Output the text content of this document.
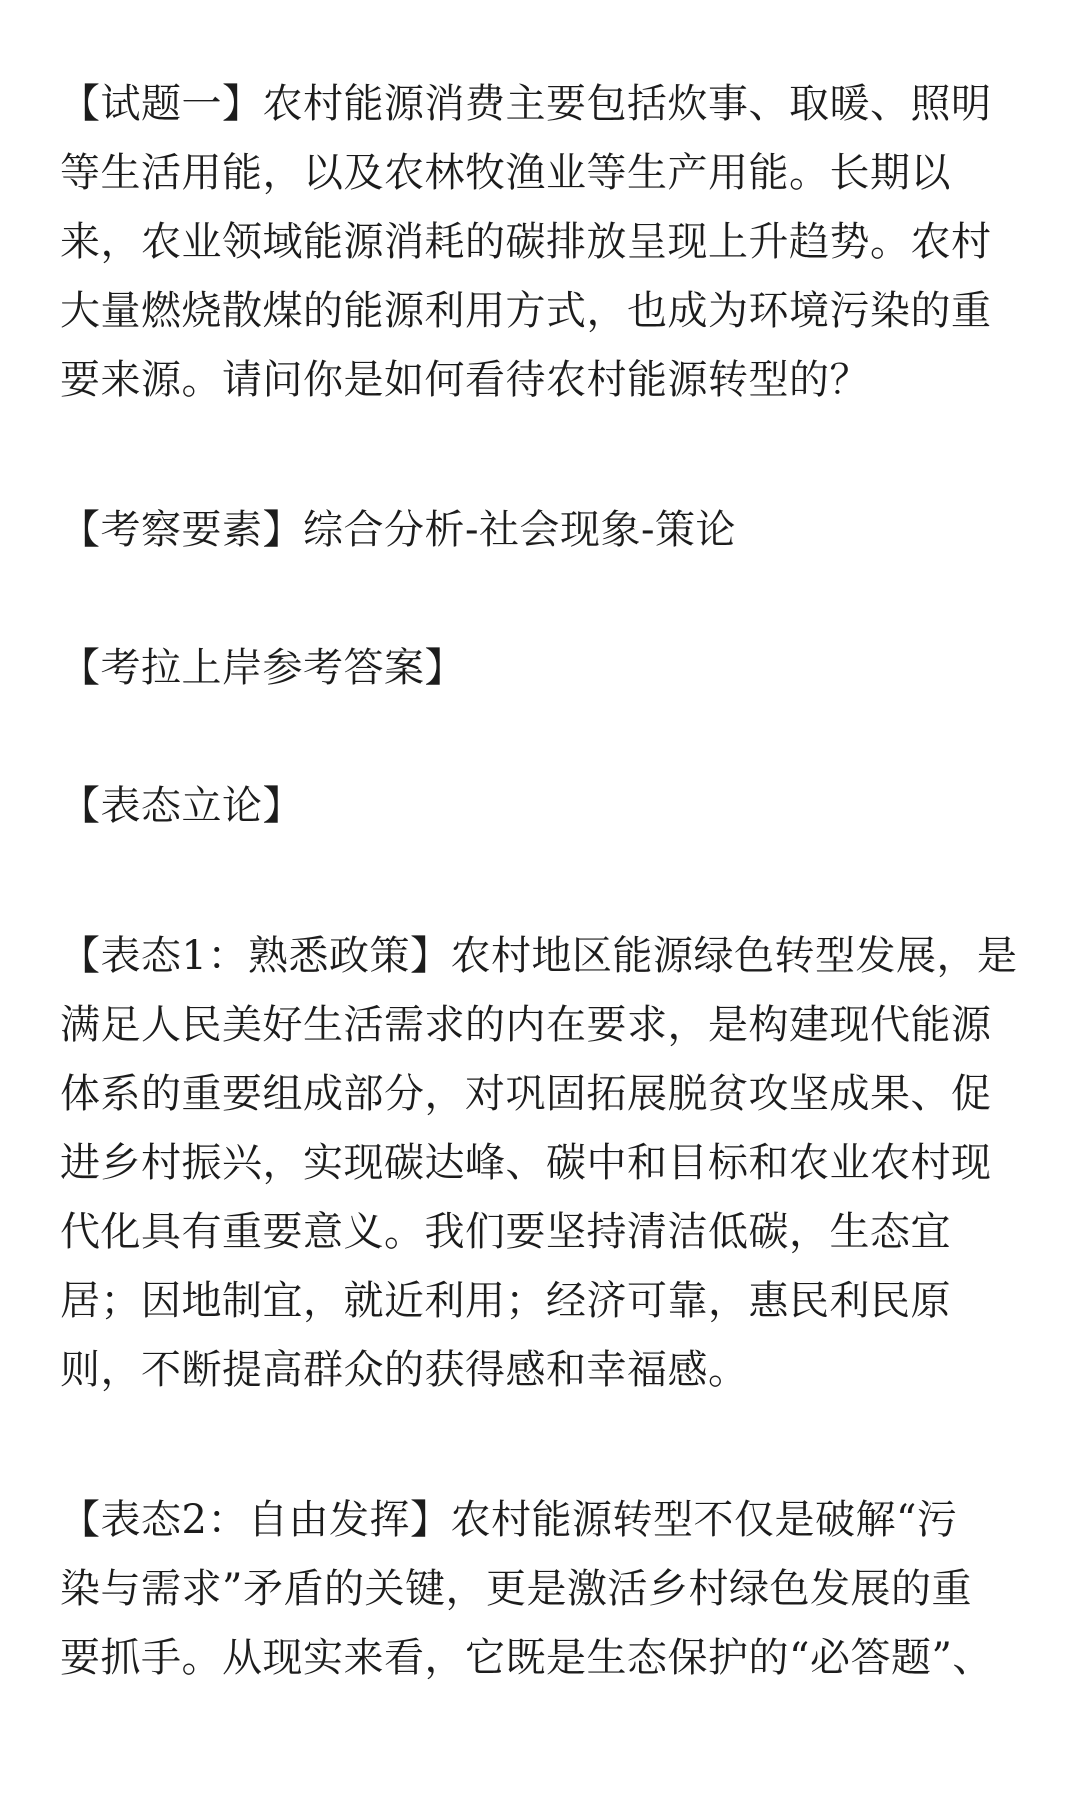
【试题一】农村能源消费主要包括炊事、取暖、照明
等生活用能，以及农林牧渔业等生产用能。长期以
来，农业领域能源消耗的碳排放呈现上升趋势。农村
大量燃烧散煤的能源利用方式，也成为环境污染的重
要来源。请问你是如何看待农村能源转型的？
【考察要素】综合分析-社会现象-策论
【考拉上岸参考答案】
【表态立论】
【表态1：熟悉政策】农村地区能源绿色转型发展，是
满足人民美好生活需求的内在要求，是构建现代能源
体系的重要组成部分，对巩固拓展脱贫攻坚成果、促
进乡村振兴，实现碳达峰、碳中和目标和农业农村现
代化具有重要意义。我们要坚持清洁低碳，生态宜
居；因地制宜，就近利用；经济可靠，惠民利民原
则，不断提高群众的获得感和幸福感。
【表态2：自由发挥】农村能源转型不仅是破解“污
染与需求”矛盾的关键，更是激活乡村绿色发展的重
要抓手。从现实来看，它既是生态保护的“必答题”、
